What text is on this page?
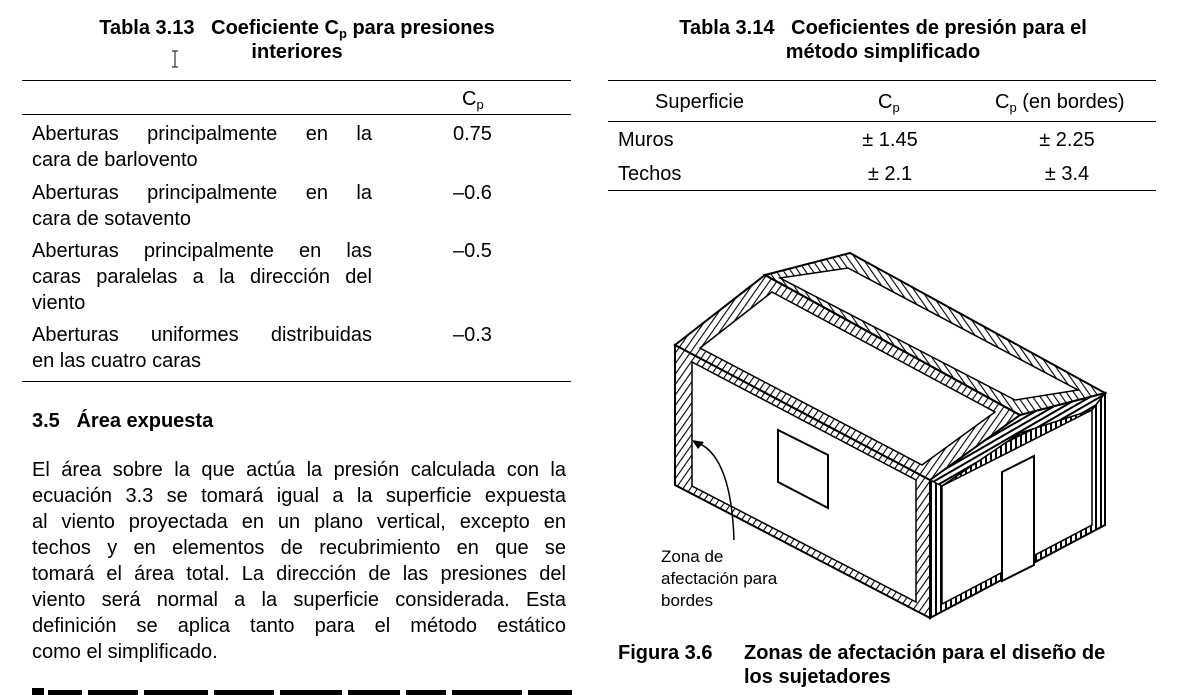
Tabla 3.13 Coeficiente $C_p$ para presiones
interiores
$C_p$
Aberturas principalmente en la
cara de barlovento
0.75
Aberturas principalmente en la
cara de sotavento
–0.6
Aberturas principalmente en las
caras paralelas a la dirección del
viento
–0.5
Aberturas uniformes distribuidas
en las cuatro caras
–0.3
3.5   Área expuesta
El área sobre la que actúa la presión calculada con la
ecuación 3.3 se tomará igual a la superficie expuesta
al viento proyectada en un plano vertical, excepto en
techos y en elementos de recubrimiento en que se
tomará el área total. La dirección de las presiones del
viento será normal a la superficie considerada. Esta
definición se aplica tanto para el método estático
como el simplificado.
Tabla 3.14   Coeficientes de presión para el
método simplificado
Superficie	$C_p$	$C_p$ (en bordes)
Muros	± 1.45	± 2.25
Techos	± 2.1	± 3.4
Zona de
afectación para
bordes
Figura 3.6 Zonas de afectación para el diseño de
los sujetadores
